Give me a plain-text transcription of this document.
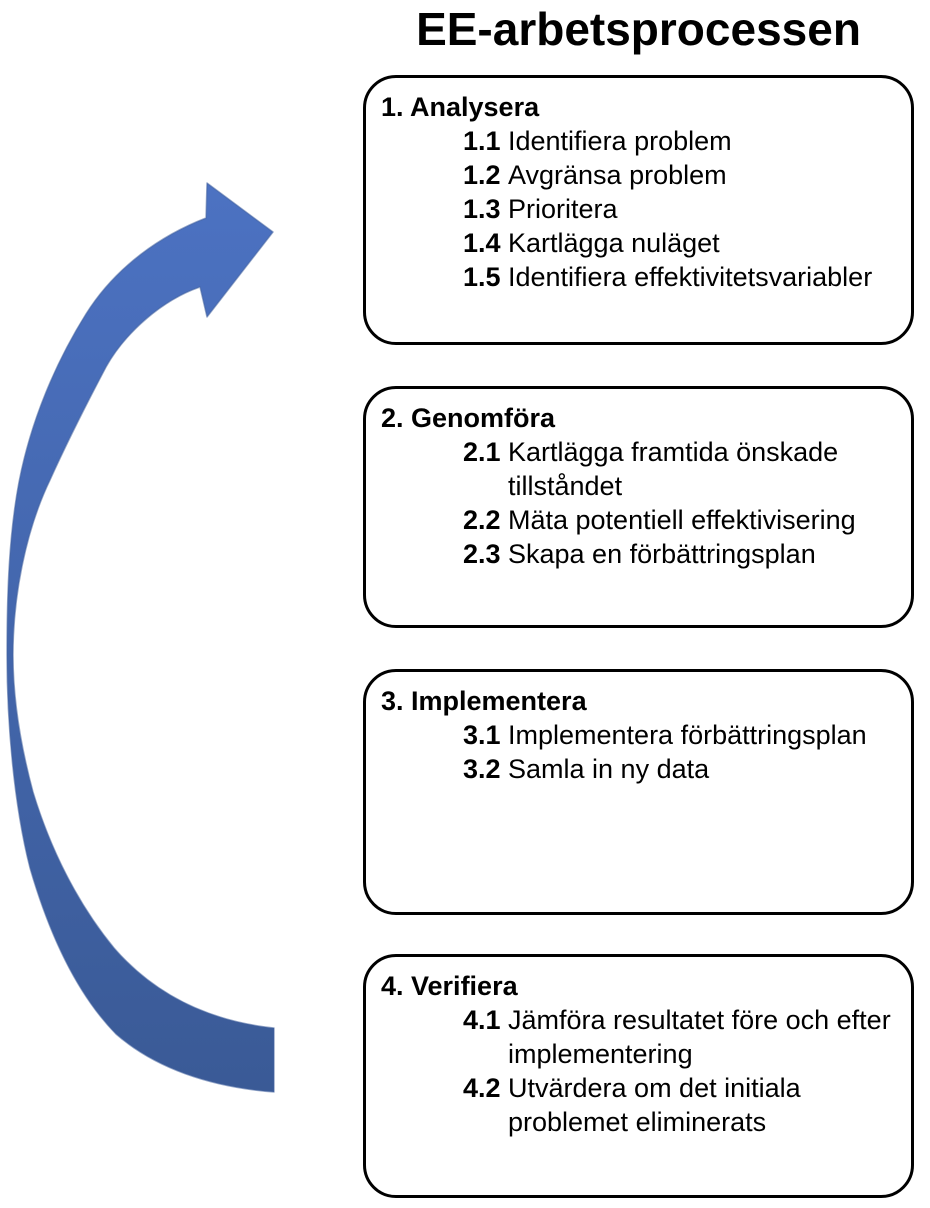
EE-arbetsprocessen
1. Analysera
1.1 Identifiera problem
1.2 Avgränsa problem
1.3 Prioritera
1.4 Kartlägga nuläget
1.5 Identifiera effektivitetsvariabler
2. Genomföra
2.1 Kartlägga framtida önskade tillståndet
2.2 Mäta potentiell effektivisering
2.3 Skapa en förbättringsplan
3. Implementera
3.1 Implementera förbättringsplan
3.2 Samla in ny data
4. Verifiera
4.1 Jämföra resultatet före och efter implementering
4.2 Utvärdera om det initiala problemet eliminerats
